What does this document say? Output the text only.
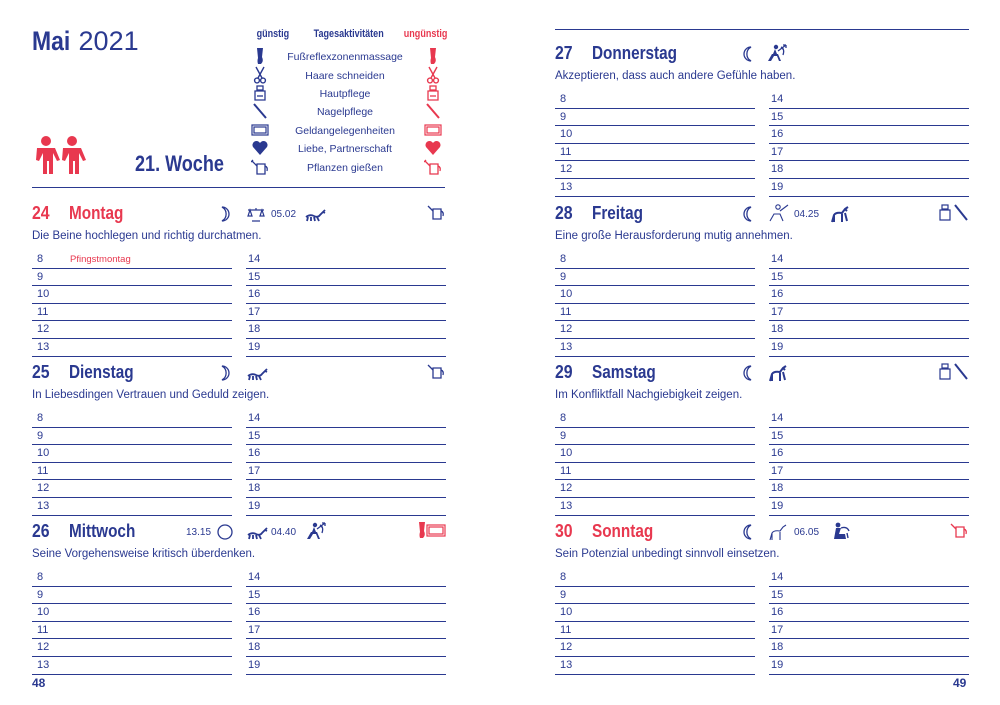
Mai 2021
21. Woche
günstig Tagesaktivitäten ungünstig
Fußreflexzonenmassage
Haare schneiden
Hautpflege
Nagelpflege
Geldangelegenheiten
Liebe, Partnerschaft
Pflanzen gießen
24 Montag	05.02
Die Beine hochlegen und richtig durchatmen.
8	Pfingstmontag
9
10
11
12
13
14
15
16
17
18
19
25 Dienstag
In Liebesdingen Vertrauen und Geduld zeigen.
8
9
10
11
12
13
14
15
16
17
18
19
26 Mittwoch	13.15	04.40
Seine Vorgehensweise kritisch überdenken.
8
9
10
11
12
13
14
15
16
17
18
19
27 Donnerstag
Akzeptieren, dass auch andere Gefühle haben.
8
9
10
11
12
13
14
15
16
17
18
19
28 Freitag	04.25
Eine große Herausforderung mutig annehmen.
8
9
10
11
12
13
14
15
16
17
18
19
29 Samstag
Im Konfliktfall Nachgiebigkeit zeigen.
8
9
10
11
12
13
14
15
16
17
18
19
30 Sonntag	06.05
Sein Potenzial unbedingt sinnvoll einsetzen.
8
9
10
11
12
13
14
15
16
17
18
19
48	49
